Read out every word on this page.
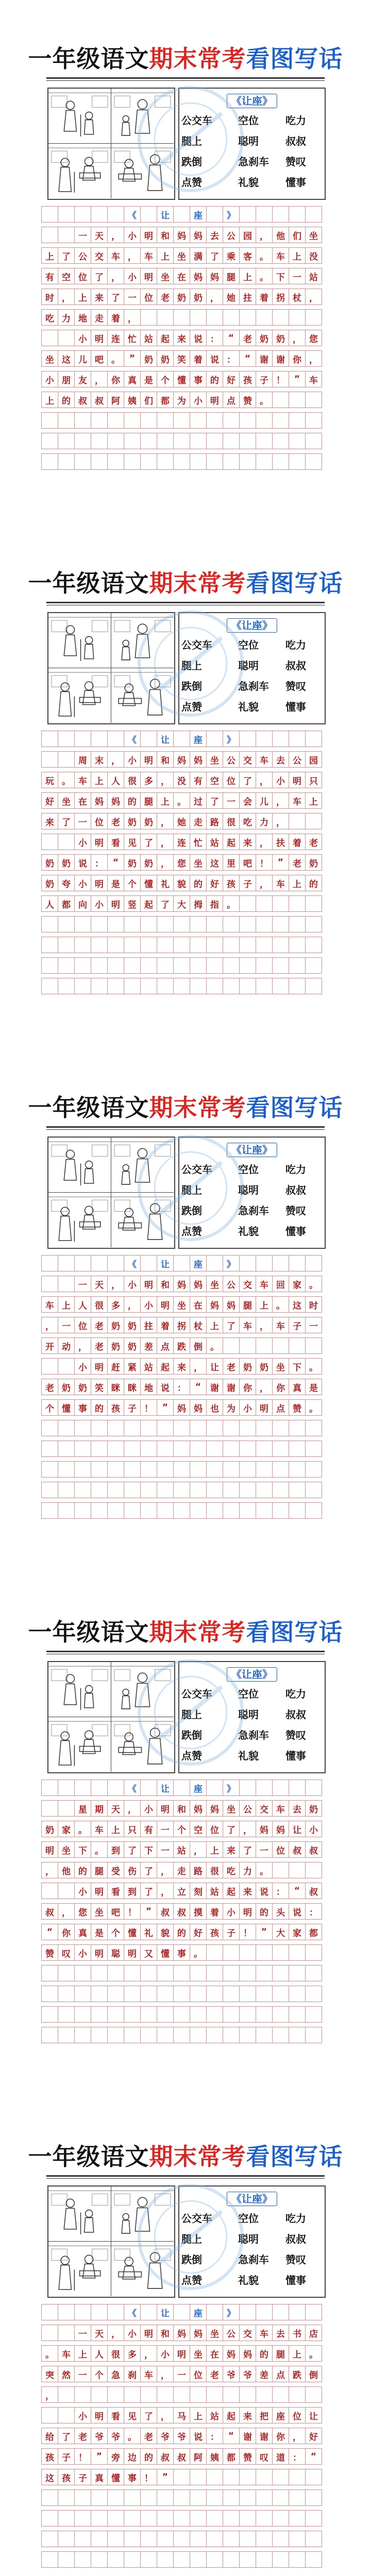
一年级语文期末常考看图写话
《让座》
公交车	空位	吃力
腿上	聪明	叔叔
跌倒	急刹车 赞叹
点赞	礼貌	懂事
					《		让		座		》					

		一	天	，	小	明	和	妈	妈	去	公	园	，	他	们	坐

上	了	公	交	车	，	车	上	坐	满	了	乘	客	。	车	上	没

有	空	位	了	，	小	明	坐	在	妈	妈	腿	上	。	下	一	站

时	，	上	来	了	一	位	老	奶	奶	，	她	拄	着	拐	杖	，

吃	力	地	走	着	，											

		小	明	连	忙	站	起	来	说	：	“	老	奶	奶	，	您

坐	这	儿	吧	。	”	奶	奶	笑	着	说	：	“	谢	谢	你	，

小	朋	友	，	你	真	是	个	懂	事	的	好	孩	子	！	”	车

上	的	叔	叔	阿	姨	们	都	为	小	明	点	赞	。			

一年级语文期末常考看图写话
《让座》
公交车	空位	吃力
腿上	聪明	叔叔
跌倒	急刹车 赞叹
点赞	礼貌	懂事
					《		让		座		》					

		周	末	，	小	明	和	妈	妈	坐	公	交	车	去	公	园

玩	。	车	上	人	很	多	，	没	有	空	位	了	，	小	明	只

好	坐	在	妈	妈	的	腿	上	。	过	了	一	会	儿	，	车	上

来	了	一	位	老	奶	奶	，	她	走	路	很	吃	力	，		

		小	明	看	见	了	，	连	忙	站	起	来	，	扶	着	老

奶	奶	说	：	“	奶	奶	，	您	坐	这	里	吧	！	”	老	奶

奶	夸	小	明	是	个	懂	礼	貌	的	好	孩	子	，	车	上	的

人	都	向	小	明	竖	起	了	大	拇	指	。					

一年级语文期末常考看图写话
《让座》
公交车	空位	吃力
腿上	聪明	叔叔
跌倒	急刹车 赞叹
点赞	礼貌	懂事
					《		让		座		》					

		一	天	，	小	明	和	妈	妈	坐	公	交	车	回	家	。

车	上	人	很	多	，	小	明	坐	在	妈	妈	腿	上	。	这	时

，	一	位	老	奶	奶	拄	着	拐	杖	上	了	车	，	车	子	一

开	动	，	老	奶	奶	差	点	跌	倒	。						

		小	明	赶	紧	站	起	来	，	让	老	奶	奶	坐	下	。

老	奶	奶	笑	眯	眯	地	说	：	“	谢	谢	你	，	你	真	是

个	懂	事	的	孩	子	！	”	妈	妈	也	为	小	明	点	赞	。

一年级语文期末常考看图写话
《让座》
公交车	空位	吃力
腿上	聪明	叔叔
跌倒	急刹车 赞叹
点赞	礼貌	懂事
					《		让		座		》					

		星	期	天	，	小	明	和	妈	妈	坐	公	交	车	去	奶

奶	家	。	车	上	只	有	一	个	空	位	了	，	妈	妈	让	小

明	坐	下	。	到	了	下	一	站	，	上	来	了	一	位	叔	叔

，	他	的	腿	受	伤	了	，	走	路	很	吃	力	。			

		小	明	看	到	了	，	立	刻	站	起	来	说	：	“	叔

叔	，	您	坐	吧	！	”	叔	叔	摸	着	小	明	的	头	说	：

“	你	真	是	个	懂	礼	貌	的	好	孩	子	！	”	大	家	都

赞	叹	小	明	聪	明	又	懂	事	。							

一年级语文期末常考看图写话
《让座》
公交车	空位	吃力
腿上	聪明	叔叔
跌倒	急刹车 赞叹
点赞	礼貌	懂事
					《		让		座		》					

		一	天	，	小	明	和	妈	妈	坐	公	交	车	去	书	店

。	车	上	人	很	多	，	小	明	坐	在	妈	妈	的	腿	上	。

突	然	一	个	急	刹	车	，	一	位	老	爷	爷	差	点	跌	倒

，																

		小	明	看	见	了	，	马	上	站	起	来	把	座	位	让

给	了	老	爷	爷	。	老	爷	爷	说	：	“	谢	谢	你	，	好

孩	子	！	”	旁	边	的	叔	叔	阿	姨	都	赞	叹	道	：	“

这	孩	子	真	懂	事	！	”									
